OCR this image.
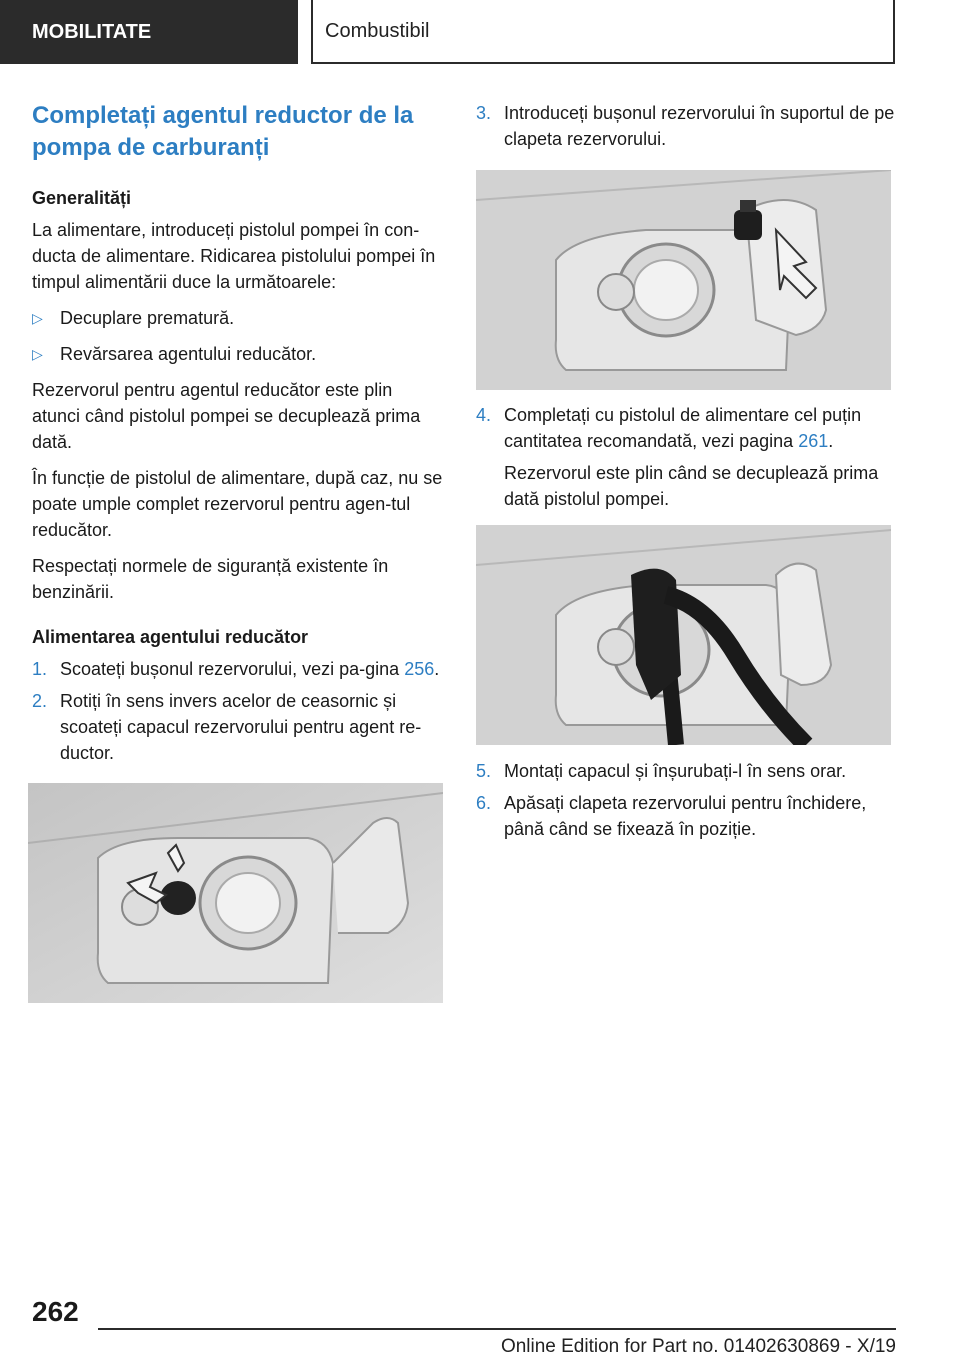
MOBILITATE	Combustibil
Completați agentul reductor de la pompa de carburanți
Generalități

La alimentare, introduceți pistolul pompei în con-ducta de alimentare. Ridicarea pistolului pompei în timpul alimentării duce la următoarele:

▷ Decuplare prematură.
▷ Revărsarea agentului reducător.

Rezervorul pentru agentul reducător este plin atunci când pistolul pompei se decuplează prima dată.

În funcție de pistolul de alimentare, după caz, nu se poate umple complet rezervorul pentru agen-tul reducător.

Respectați normele de siguranță existente în benzinării.

Alimentarea agentului reducător
1. Scoateți bușonul rezervorului, vezi pa-gina 256.
2. Rotiți în sens invers acelor de ceasornic și scoateți capacul rezervorului pentru agent re-ductor.
3. Introduceți bușonul rezervorului în suportul de pe clapeta rezervorului.
4. Completați cu pistolul de alimentare cel puțin cantitatea recomandată, vezi pagina 261.

Rezervorul este plin când se decuplează prima dată pistolul pompei.

5. Montați capacul și înșurubați-l în sens orar.
6. Apăsați clapeta rezervorului pentru închidere, până când se fixează în poziție.
262
Online Edition for Part no. 01402630869 - X/19
